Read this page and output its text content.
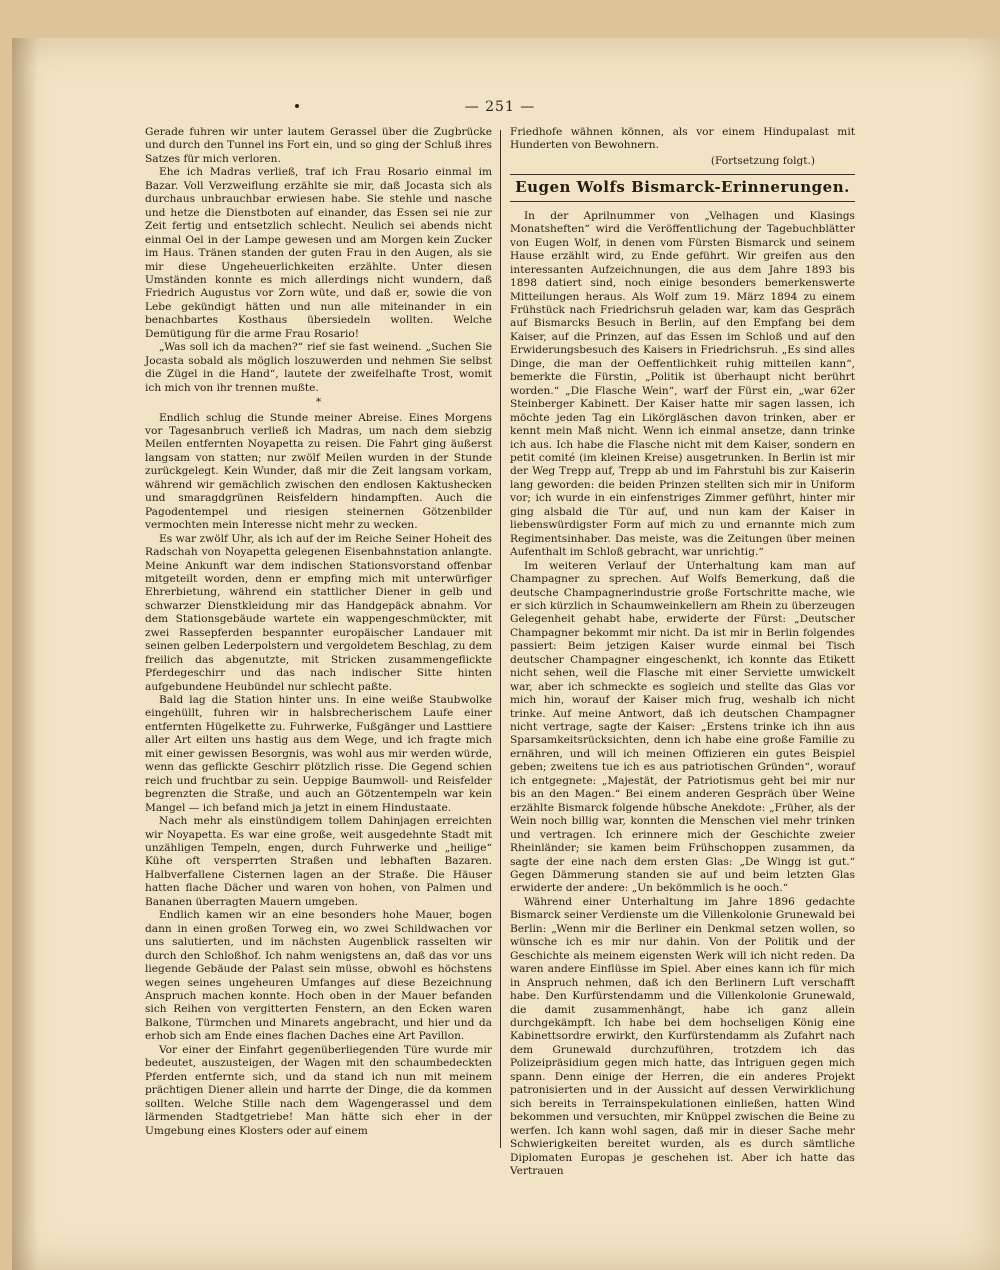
— 251 —

Gerade fuhren wir unter lautem Gerassel über die Zugbrücke und durch den Tunnel ins Fort ein, und so ging der Schluß ihres Satzes für mich verloren.

Ehe ich Madras verließ, traf ich Frau Rosario einmal im Bazar. Voll Verzweiflung erzählte sie mir, daß Jocasta sich als durchaus unbrauchbar erwiesen habe. Sie stehle und nasche und hetze die Dienstboten auf einander, das Essen sei nie zur Zeit fertig und entsetzlich schlecht. Neulich sei abends nicht einmal Oel in der Lampe gewesen und am Morgen kein Zucker im Haus. Tränen standen der guten Frau in den Augen, als sie mir diese Ungeheuerlichkeiten erzählte. Unter diesen Umständen konnte es mich allerdings nicht wundern, daß Friedrich Augustus vor Zorn wüte, und daß er, sowie die von Lebe gekündigt hätten und nun alle miteinander in ein benachbartes Kosthaus übersiedeln wollten. Welche Demütigung für die arme Frau Rosario!

„Was soll ich da machen?“ rief sie fast weinend. „Suchen Sie Jocasta sobald als möglich loszuwerden und nehmen Sie selbst die Zügel in die Hand“, lautete der zweifelhafte Trost, womit ich mich von ihr trennen mußte.

*

Endlich schlug die Stunde meiner Abreise. Eines Morgens vor Tagesanbruch verließ ich Madras, um nach dem siebzig Meilen entfernten Noyapetta zu reisen. Die Fahrt ging äußerst langsam von statten; nur zwölf Meilen wurden in der Stunde zurückgelegt. Kein Wunder, daß mir die Zeit langsam vorkam, während wir gemächlich zwischen den endlosen Kaktushecken und smaragdgrünen Reisfeldern hindampften. Auch die Pagodentempel und riesigen steinernen Götzenbilder vermochten mein Interesse nicht mehr zu wecken.

Es war zwölf Uhr, als ich auf der im Reiche Seiner Hoheit des Radschah von Noyapetta gelegenen Eisenbahnstation anlangte. Meine Ankunft war dem indischen Stationsvorstand offenbar mitgeteilt worden, denn er empfing mich mit unterwürfiger Ehrerbietung, während ein stattlicher Diener in gelb und schwarzer Dienstkleidung mir das Handgepäck abnahm. Vor dem Stationsgebäude wartete ein wappengeschmückter, mit zwei Rassepferden bespannter europäischer Landauer mit seinen gelben Lederpolstern und vergoldetem Beschlag, zu dem freilich das abgenutzte, mit Stricken zusammengeflickte Pferdegeschirr und das nach indischer Sitte hinten aufgebundene Heubündel nur schlecht paßte.

Bald lag die Station hinter uns. In eine weiße Staubwolke eingehüllt, fuhren wir in halsbrecherischem Laufe einer entfernten Hügelkette zu. Fuhrwerke, Fußgänger und Lasttiere aller Art eilten uns hastig aus dem Wege, und ich fragte mich mit einer gewissen Besorgnis, was wohl aus mir werden würde, wenn das geflickte Geschirr plötzlich risse. Die Gegend schien reich und fruchtbar zu sein. Ueppige Baumwoll- und Reisfelder begrenzten die Straße, und auch an Götzentempeln war kein Mangel — ich befand mich ja jetzt in einem Hindustaate.

Nach mehr als einstündigem tollem Dahinjagen erreichten wir Noyapetta. Es war eine große, weit ausgedehnte Stadt mit unzähligen Tempeln, engen, durch Fuhrwerke und „heilige“ Kühe oft versperrten Straßen und lebhaften Bazaren. Halbverfallene Cisternen lagen an der Straße. Die Häuser hatten flache Dächer und waren von hohen, von Palmen und Bananen überragten Mauern umgeben.

Endlich kamen wir an eine besonders hohe Mauer, bogen dann in einen großen Torweg ein, wo zwei Schildwachen vor uns salutierten, und im nächsten Augenblick rasselten wir durch den Schloßhof. Ich nahm wenigstens an, daß das vor uns liegende Gebäude der Palast sein müsse, obwohl es höchstens wegen seines ungeheuren Umfanges auf diese Bezeichnung Anspruch machen konnte. Hoch oben in der Mauer befanden sich Reihen von vergitterten Fenstern, an den Ecken waren Balkone, Türmchen und Minarets angebracht, und hier und da erhob sich am Ende eines flachen Daches eine Art Pavillon.

Vor einer der Einfahrt gegenüberliegenden Türe wurde mir bedeutet, auszusteigen, der Wagen mit den schaumbedeckten Pferden entfernte sich, und da stand ich nun mit meinem prächtigen Diener allein und harrte der Dinge, die da kommen sollten. Welche Stille nach dem Wagengerassel und dem lärmenden Stadtgetriebe! Man hätte sich eher in der Umgebung eines Klosters oder auf einem

Friedhofe wähnen können, als vor einem Hindupalast mit Hunderten von Bewohnern.

(Fortsetzung folgt.)

Eugen Wolfs Bismarck-Erinnerungen.

In der Aprilnummer von „Velhagen und Klasings Monatsheften“ wird die Veröffentlichung der Tagebuchblätter von Eugen Wolf, in denen vom Fürsten Bismarck und seinem Hause erzählt wird, zu Ende geführt. Wir greifen aus den interessanten Aufzeichnungen, die aus dem Jahre 1893 bis 1898 datiert sind, noch einige besonders bemerkenswerte Mitteilungen heraus. Als Wolf zum 19. März 1894 zu einem Frühstück nach Friedrichsruh geladen war, kam das Gespräch auf Bismarcks Besuch in Berlin, auf den Empfang bei dem Kaiser, auf die Prinzen, auf das Essen im Schloß und auf den Erwiderungsbesuch des Kaisers in Friedrichsruh. „Es sind alles Dinge, die man der Oeffentlichkeit ruhig mitteilen kann“, bemerkte die Fürstin, „Politik ist überhaupt nicht berührt worden.“ „Die Flasche Wein“, warf der Fürst ein, „war 62er Steinberger Kabinett. Der Kaiser hatte mir sagen lassen, ich möchte jeden Tag ein Likörgläschen davon trinken, aber er kennt mein Maß nicht. Wenn ich einmal ansetze, dann trinke ich aus. Ich habe die Flasche nicht mit dem Kaiser, sondern en petit comité (im kleinen Kreise) ausgetrunken. In Berlin ist mir der Weg Trepp auf, Trepp ab und im Fahrstuhl bis zur Kaiserin lang geworden: die beiden Prinzen stellten sich mir in Uniform vor; ich wurde in ein einfenstriges Zimmer geführt, hinter mir ging alsbald die Tür auf, und nun kam der Kaiser in liebenswürdigster Form auf mich zu und ernannte mich zum Regimentsinhaber. Das meiste, was die Zeitungen über meinen Aufenthalt im Schloß gebracht, war unrichtig.“

Im weiteren Verlauf der Unterhaltung kam man auf Champagner zu sprechen. Auf Wolfs Bemerkung, daß die deutsche Champagnerindustrie große Fortschritte mache, wie er sich kürzlich in Schaumweinkellern am Rhein zu überzeugen Gelegenheit gehabt habe, erwiderte der Fürst: „Deutscher Champagner bekommt mir nicht. Da ist mir in Berlin folgendes passiert: Beim jetzigen Kaiser wurde einmal bei Tisch deutscher Champagner eingeschenkt, ich konnte das Etikett nicht sehen, weil die Flasche mit einer Serviette umwickelt war, aber ich schmeckte es sogleich und stellte das Glas vor mich hin, worauf der Kaiser mich frug, weshalb ich nicht trinke. Auf meine Antwort, daß ich deutschen Champagner nicht vertrage, sagte der Kaiser: „Erstens trinke ich ihn aus Sparsamkeitsrücksichten, denn ich habe eine große Familie zu ernähren, und will ich meinen Offizieren ein gutes Beispiel geben; zweitens tue ich es aus patriotischen Gründen“, worauf ich entgegnete: „Majestät, der Patriotismus geht bei mir nur bis an den Magen.“ Bei einem anderen Gespräch über Weine erzählte Bismarck folgende hübsche Anekdote: „Früher, als der Wein noch billig war, konnten die Menschen viel mehr trinken und vertragen. Ich erinnere mich der Geschichte zweier Rheinländer; sie kamen beim Frühschoppen zusammen, da sagte der eine nach dem ersten Glas: „De Wingg ist gut.“ Gegen Dämmerung standen sie auf und beim letzten Glas erwiderte der andere: „Un bekömmlich is he ooch.“

Während einer Unterhaltung im Jahre 1896 gedachte Bismarck seiner Verdienste um die Villenkolonie Grunewald bei Berlin: „Wenn mir die Berliner ein Denkmal setzen wollen, so wünsche ich es mir nur dahin. Von der Politik und der Geschichte als meinem eigensten Werk will ich nicht reden. Da waren andere Einflüsse im Spiel. Aber eines kann ich für mich in Anspruch nehmen, daß ich den Berlinern Luft verschafft habe. Den Kurfürstendamm und die Villenkolonie Grunewald, die damit zusammenhängt, habe ich ganz allein durchgekämpft. Ich habe bei dem hochseligen König eine Kabinettsordre erwirkt, den Kurfürstendamm als Zufahrt nach dem Grunewald durchzuführen, trotzdem ich das Polizeipräsidium gegen mich hatte, das Intriguen gegen mich spann. Denn einige der Herren, die ein anderes Projekt patronisierten und in der Aussicht auf dessen Verwirklichung sich bereits in Terrainspekulationen einließen, hatten Wind bekommen und versuchten, mir Knüppel zwischen die Beine zu werfen. Ich kann wohl sagen, daß mir in dieser Sache mehr Schwierigkeiten bereitet wurden, als es durch sämtliche Diplomaten Europas je geschehen ist. Aber ich hatte das Vertrauen
